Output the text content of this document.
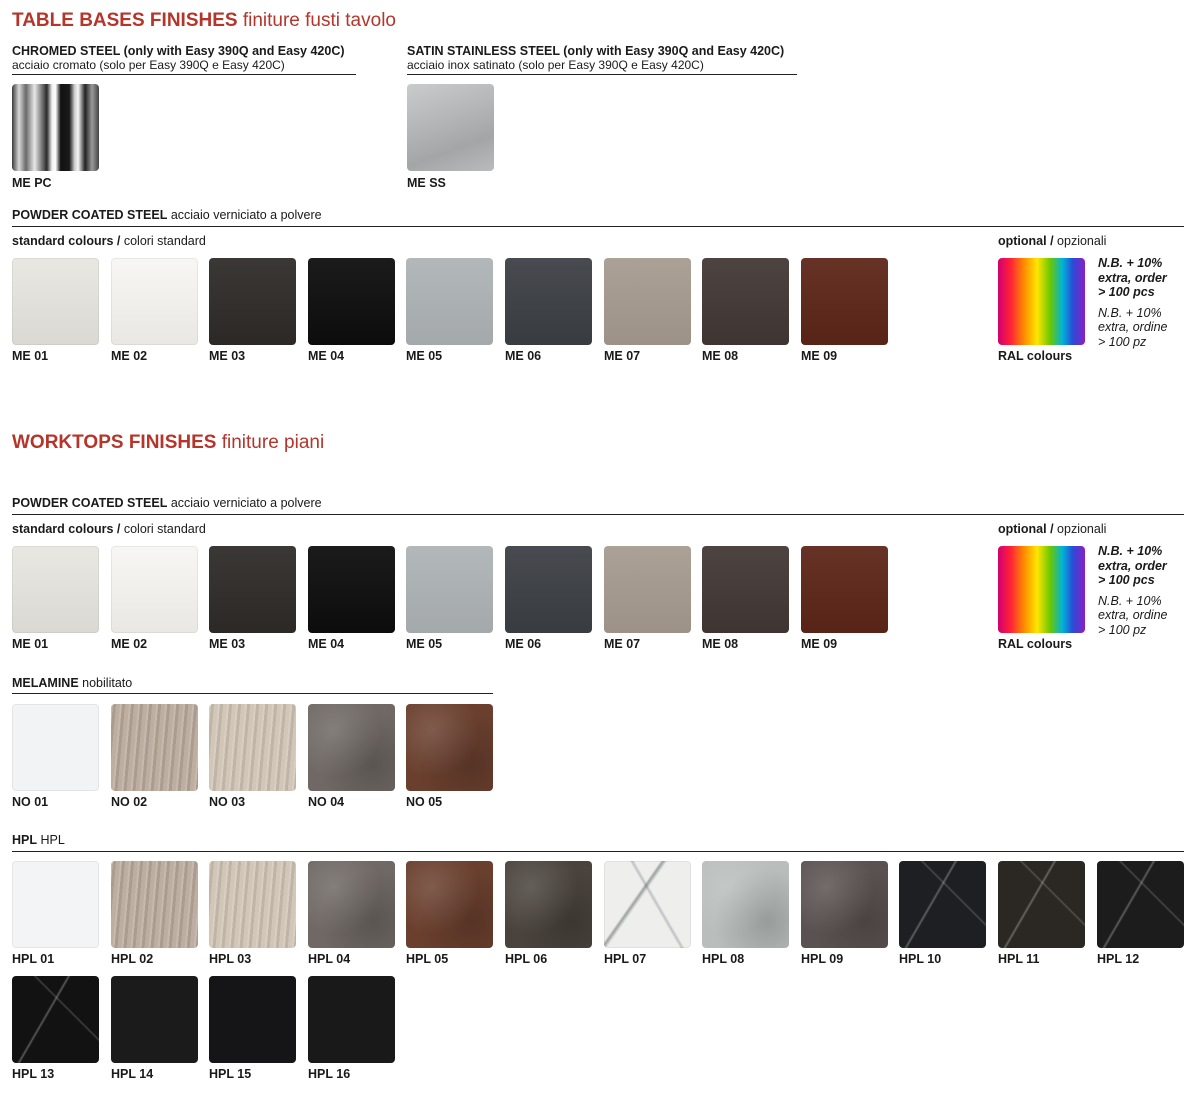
TABLE BASES FINISHES finiture fusti tavolo
CHROMED STEEL (only with Easy 390Q and Easy 420C)
acciaio cromato (solo per Easy 390Q e Easy 420C)
ME PC
SATIN STAINLESS STEEL (only with Easy 390Q and Easy 420C)
acciaio inox satinato (solo per Easy 390Q e Easy 420C)
ME SS
POWDER COATED STEEL acciaio verniciato a polvere
standard colours / colori standard	optional / opzionali
ME 01	ME 02	ME 03	ME 04	ME 05	ME 06	ME 07	ME 08	ME 09	RAL colours
N.B. + 10%
extra, order
> 100 pcs
N.B. + 10%
extra, ordine
> 100 pz
WORKTOPS FINISHES finiture piani
POWDER COATED STEEL acciaio verniciato a polvere
standard colours / colori standard	optional / opzionali
ME 01	ME 02	ME 03	ME 04	ME 05	ME 06	ME 07	ME 08	ME 09	RAL colours
N.B. + 10%
extra, order
> 100 pcs
N.B. + 10%
extra, ordine
> 100 pz
MELAMINE nobilitato
NO 01	NO 02	NO 03	NO 04	NO 05
HPL HPL
HPL 01	HPL 02	HPL 03	HPL 04	HPL 05	HPL 06	HPL 07	HPL 08	HPL 09	HPL 10	HPL 11	HPL 12
HPL 13	HPL 14	HPL 15	HPL 16
